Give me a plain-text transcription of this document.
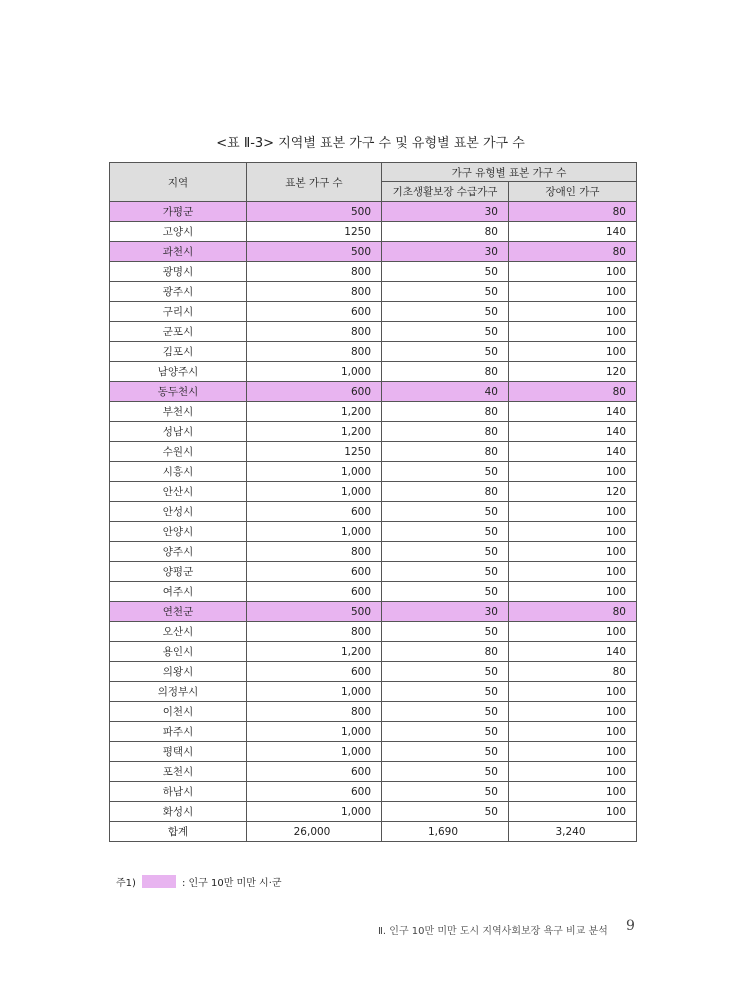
<표 Ⅱ-3> 지역별 표본 가구 수 및 유형별 표본 가구 수
지역	표본 가구 수	가구 유형별 표본 가구 수	
		기초생활보장 수급가구	장애인 가구
가평군	500	30	80
고양시	1250	80	140
과천시	500	30	80
광명시	800	50	100
광주시	800	50	100
구리시	600	50	100
군포시	800	50	100
김포시	800	50	100
남양주시	1,000	80	120
동두천시	600	40	80
부천시	1,200	80	140
성남시	1,200	80	140
수원시	1250	80	140
시흥시	1,000	50	100
안산시	1,000	80	120
안성시	600	50	100
안양시	1,000	50	100
양주시	800	50	100
양평군	600	50	100
여주시	600	50	100
연천군	500	30	80
오산시	800	50	100
용인시	1,200	80	140
의왕시	600	50	80
의정부시	1,000	50	100
이천시	800	50	100
파주시	1,000	50	100
평택시	1,000	50	100
포천시	600	50	100
하남시	600	50	100
화성시	1,000	50	100
합계	26,000	1,690	3,240
주1)	: 인구 10만 미만 시·군
Ⅱ. 인구 10만 미만 도시 지역사회보장 욕구 비교 분석 9
